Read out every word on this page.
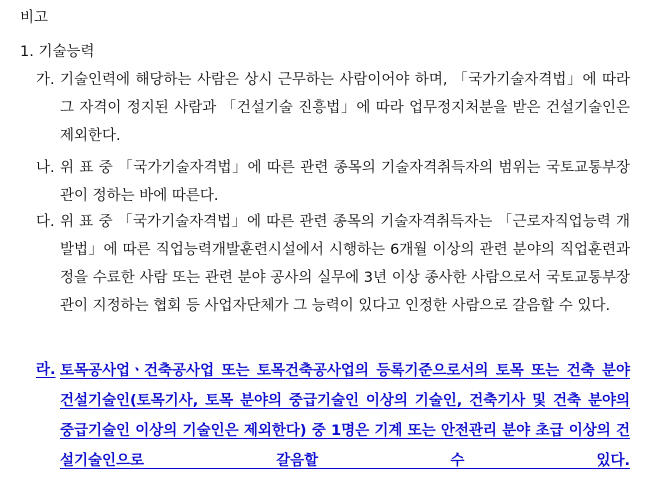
비고
1. 기술능력
가. 기술인력에 해당하는 사람은 상시 근무하는 사람이어야 하며, 「국가기술자격법」에 따라 그 자격이 정지된 사람과 「건설기술 진흥법」에 따라 업무정지처분을 받은 건설기술인은 제외한다.
나. 위 표 중 「국가기술자격법」에 따른 관련 종목의 기술자격취득자의 범위는 국토교통부장관이 정하는 바에 따른다.
다. 위 표 중 「국가기술자격법」에 따른 관련 종목의 기술자격취득자는 「근로자직업능력 개발법」에 따른 직업능력개발훈련시설에서 시행하는 6개월 이상의 관련 분야의 직업훈련과정을 수료한 사람 또는 관련 분야 공사의 실무에 3년 이상 종사한 사람으로서 국토교통부장관이 지정하는 협회 등 사업자단체가 그 능력이 있다고 인정한 사람으로 갈음할 수 있다.
라. 토목공사업ㆍ건축공사업 또는 토목건축공사업의 등록기준으로서의 토목 또는 건축 분야 건설기술인(토목기사, 토목 분야의 중급기술인 이상의 기술인, 건축기사 및 건축 분야의 중급기술인 이상의 기술인은 제외한다) 중 1명은 기계 또는 안전관리 분야 초급 이상의 건설기술인으로 갈음할 수 있다.
